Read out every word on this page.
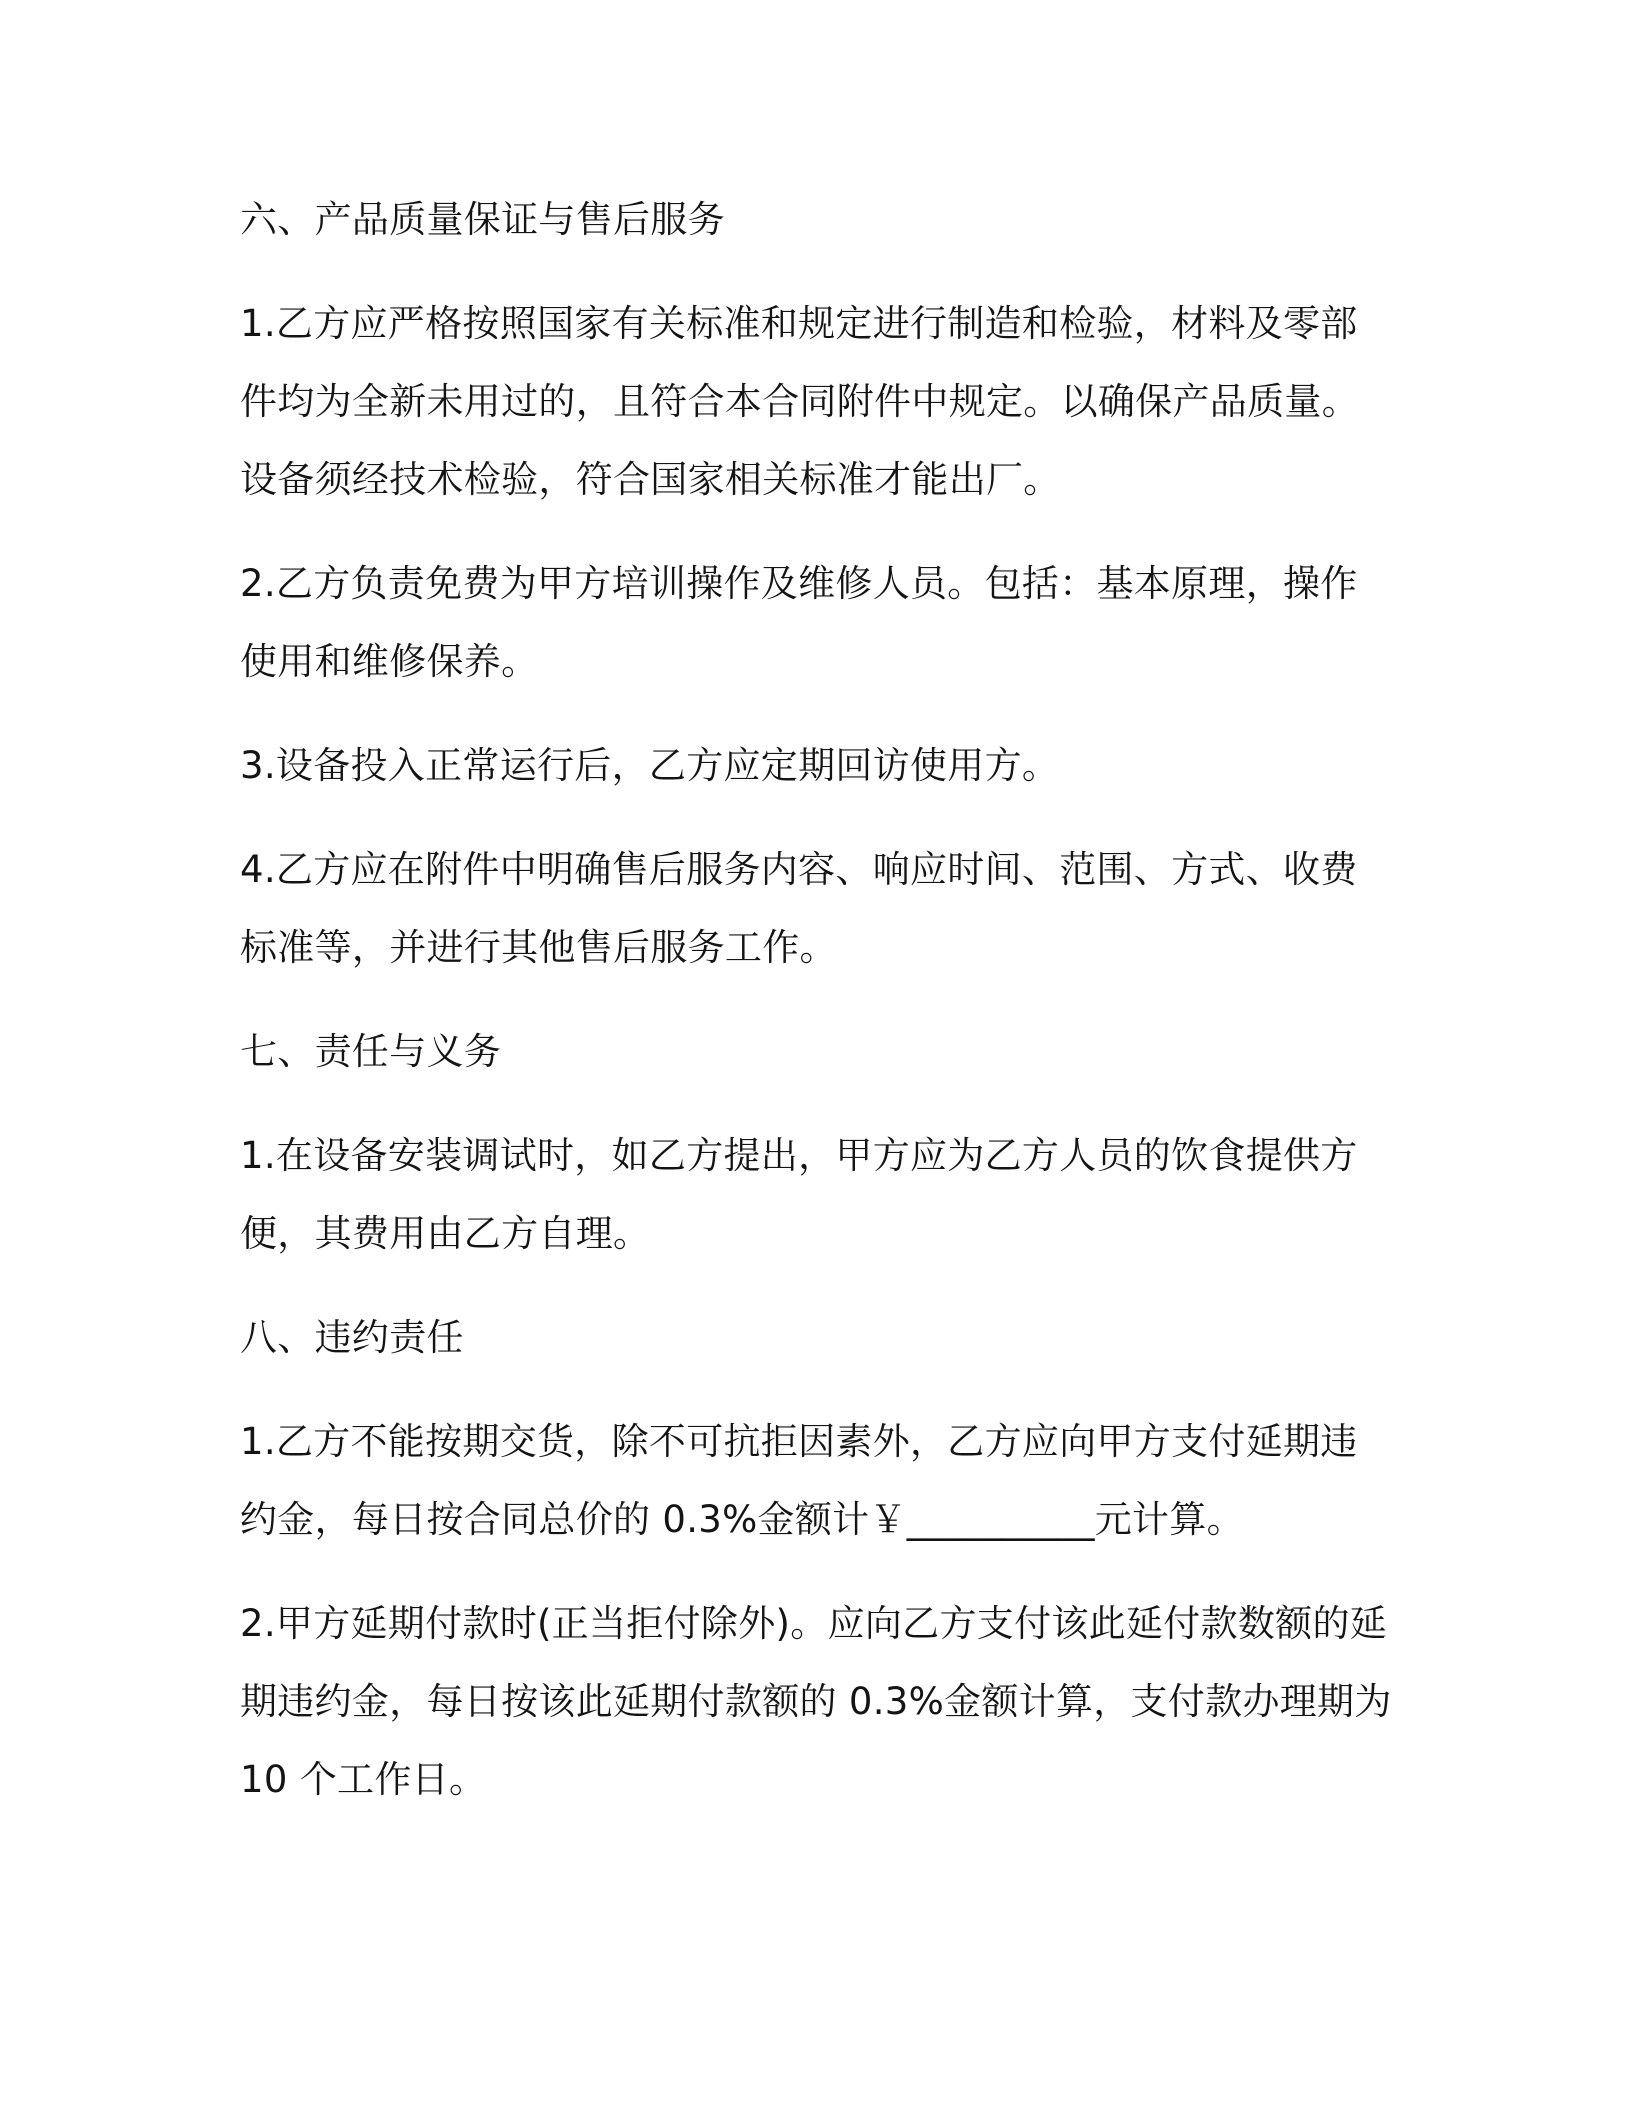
六、产品质量保证与售后服务

1.乙方应严格按照国家有关标准和规定进行制造和检验，材料及零部

件均为全新未用过的，且符合本合同附件中规定。以确保产品质量。

设备须经技术检验，符合国家相关标准才能出厂。

2.乙方负责免费为甲方培训操作及维修人员。包括：基本原理，操作

使用和维修保养。

3.设备投入正常运行后，乙方应定期回访使用方。

4.乙方应在附件中明确售后服务内容、响应时间、范围、方式、收费

标准等，并进行其他售后服务工作。

七、责任与义务

1.在设备安装调试时，如乙方提出，甲方应为乙方人员的饮食提供方

便，其费用由乙方自理。

八、违约责任

1.乙方不能按期交货，除不可抗拒因素外，乙方应向甲方支付延期违

约金，每日按合同总价的 0.3%金额计￥__________元计算。

2.甲方延期付款时(正当拒付除外)。应向乙方支付该此延付款数额的延

期违约金，每日按该此延期付款额的 0.3%金额计算，支付款办理期为

10 个工作日。
